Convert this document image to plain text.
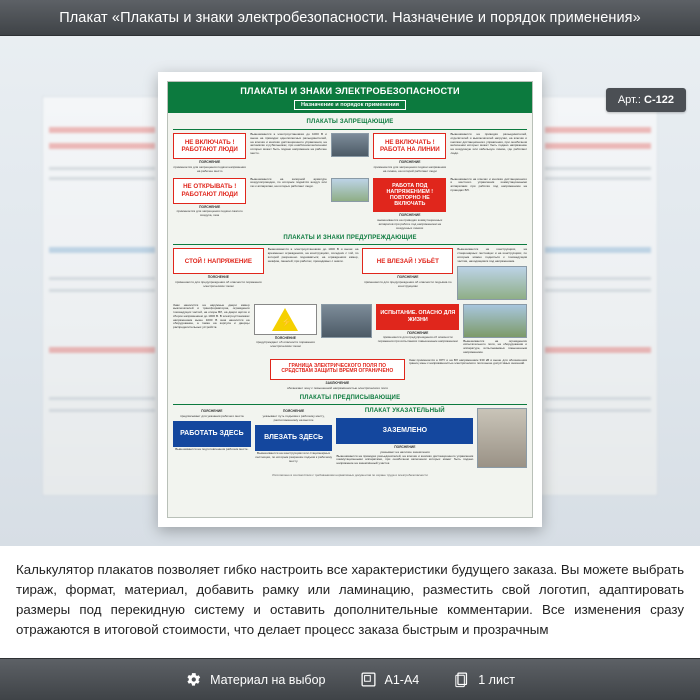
Плакат «Плакаты и знаки электробезопасности. Назначение и порядок применения»
Арт.: С-122
ПЛАКАТЫ И ЗНАКИ ЭЛЕКТРОБЕЗОПАСНОСТИ
Назначение и порядок применения
ПЛАКАТЫ ЗАПРЕЩАЮЩИЕ
НЕ ВКЛЮЧАТЬ ! РАБОТАЮТ ЛЮДИ
ПОЯСНЕНИЕ
применяется для запрещения подачи напряжения на рабочее место
Вывешивается в электроустановках до 1000 В и выше на приводах однополюсных разъединителей, на ключах и кнопках дистанционного управления, на автоматах и рубильниках, при ошибочном включении которых может быть подано напряжение на рабочее место.
НЕ ВКЛЮЧАТЬ ! РАБОТА НА ЛИНИИ
ПОЯСНЕНИЕ
применяется для запрещения подачи напряжения на линию, на которой работают люди
Вывешивается на приводах разъединителей, отделителей и выключателей нагрузки, на ключах и кнопках дистанционного управления, при ошибочном включении которых может быть подано напряжение на воздушную или кабельную линию, где работают люди.
НЕ ОТКРЫВАТЬ ! РАБОТАЮТ ЛЮДИ
ПОЯСНЕНИЕ
применяется для запрещения подачи сжатого воздуха, газа
Вывешивается на запорной арматуре воздухопроводов, по которым подаётся воздух или газ к аппаратам, на которых работают люди.	РАБОТА ПОД НАПРЯЖЕНИЕМ ! ПОВТОРНО НЕ ВКЛЮЧАТЬ
ПОЯСНЕНИЕ
вывешивается на приводах коммутационных аппаратов при работе под напряжением на воздушных линиях
Вывешивается на ключах и кнопках дистанционного и местного управления коммутационными аппаратами при работах под напряжением на проводах ВЛ.
ПЛАКАТЫ И ЗНАКИ ПРЕДУПРЕЖДАЮЩИЕ
СТОЙ ! НАПРЯЖЕНИЕ
ПОЯСНЕНИЕ
применяется для предупреждения об опасности поражения электрическим током
Вывешивается в электроустановках до 1000 В и выше: на временных ограждениях, на конструкциях, соседних с той, по которой разрешено подниматься; на ограждениях камер, шкафов, панелей; при работах, проводимых с земли.	НЕ ВЛЕЗАЙ ! УБЬЁТ
ПОЯСНЕНИЕ
применяется для предупреждения об опасности подъёма по конструкциям
Вывешивается на конструкциях, на стационарных лестницах и на конструкциях, по которым можно подняться к токоведущим частям, находящимся под напряжением.
Знак наносится на наружные двери камер выключателей и трансформаторов, ограждения токоведущих частей, на опоры ВЛ, на двери щитов и сборок напряжением до 1000 В. В электроустановках напряжением выше 1000 В знак наносится на оборудование, а также на корпуса и дверцы распределительных устройств.
⚡
ПОЯСНЕНИЕ
предупреждает об опасности поражения электрическим током
ИСПЫТАНИЕ. ОПАСНО ДЛЯ ЖИЗНИ
ПОЯСНЕНИЕ
применяется для предупреждения об опасности поражения при испытаниях повышенным напряжением	Вывешивается на ограждениях испытательного поля, на оборудовании и аппаратуре, испытываемых повышенным напряжением.
ГРАНИЦА ЭЛЕКТРИЧЕСКОГО ПОЛЯ ПО СРЕДСТВАМ ЗАЩИТЫ ВРЕМЯ ОГРАНИЧЕНО
ЗАКЛЮЧЕНИЕ
обозначает зону с повышенной напряжённостью электрического поля
Знак применяется в ОРУ и на ВЛ напряжением 330 кВ и выше для обозначения границ зоны с напряжённостью электрического поля выше допустимых значений.
ПЛАКАТЫ ПРЕДПИСЫВАЮЩИЕ
ПОЯСНЕНИЕ
предписывает для указания рабочего места
РАБОТАТЬ ЗДЕСЬ
Вывешивается на подготовленном рабочем месте.
ПОЯСНЕНИЕ
указывает путь подъёма к рабочему месту, расположенному на высоте
ВЛЕЗАТЬ ЗДЕСЬ
Вывешивается на конструкциях или стационарных лестницах, по которым разрешён подъём к рабочему месту.
ПЛАКАТ УКАЗАТЕЛЬНЫЙ
ЗАЗЕМЛЕНО
ПОЯСНЕНИЕ
указывает на наличие заземления
Вывешивается на приводах разъединителей, на ключах и кнопках дистанционного управления коммутационными аппаратами, при ошибочном включении которых может быть подано напряжение на заземлённый участок.
Изготовлено в соответствии с требованиями нормативных документов по охране труда и электробезопасности
Калькулятор плакатов позволяет гибко настроить все характеристики будущего заказа. Вы можете выбрать тираж, формат, материал, добавить рамку или ламинацию, разместить свой логотип, адаптировать размеры под перекидную систему и оставить дополнительные комментарии. Все изменения сразу отражаются в итоговой стоимости, что делает процесс заказа быстрым и прозрачным
Материал на выбор	А1-А4	1 лист
